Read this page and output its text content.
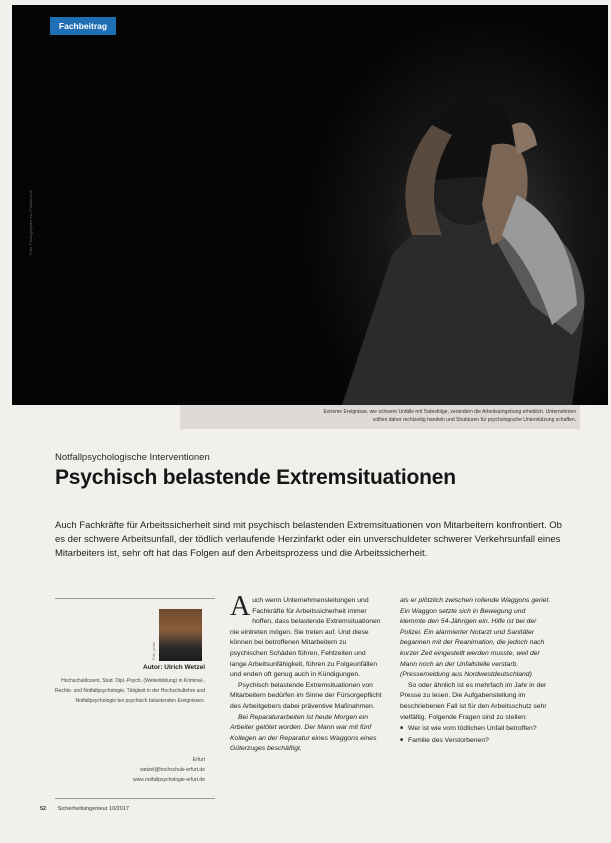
Fachbeitrag
Foto: Photographee.eu / Fotolia.com
Extreme Ereignisse, wie schwere Unfälle mit Todesfolge, verändern die Arbeitsumgebung erheblich. Unternehmen
sollten daher rechtzeitig handeln und Strukturen für psychologische Unterstützung schaffen.
Notfallpsychologische Interventionen
Psychisch belastende Extremsituationen
Auch Fachkräfte für Arbeitssicherheit sind mit psychisch belastenden Extremsituationen von Mitarbeitern konfrontiert. Ob es der schwere Arbeitsunfall, der tödlich verlaufende Herzinfarkt oder ein unverschuldeter schwerer Verkehrsunfall eines Mitarbeiters ist, sehr oft hat das Folgen auf den Arbeitsprozess und die Arbeitssicherheit.
Foto: privat
Autor: Ulrich Wetzel
Hochschuldozent, Stud. Dipl.-Psych. (Weiterbildung) in Kriminal-, Rechts- und Notfallpsychologie, Tätigkeit in der Hochschullehre und Notfallpsychologie bei psychisch belastenden Ereignissen.
Erfurt
wetzel@hochschule-erfurt.de
www.notfallpsychologie-erfurt.de

Auch wenn Unternehmensleitungen und Fachkräfte für Arbeitssicherheit immer hoffen, dass belastende Extremsituationen nie eintreten mögen. Sie treten auf. Und diese können bei betroffenen Mitarbeitern zu psychischen Schäden führen, Fehlzeiten und lange Arbeitsunfähigkeit, führen zu Folgeunfällen und enden oft genug auch in Kündigungen.

Psychisch belastende Extremsituationen von Mitarbeitern bedürfen im Sinne der Fürsorgepflicht des Arbeitgebers dabei präventive Maßnahmen.

Bei Reparaturarbeiten ist heute Morgen ein Arbeiter getötet worden. Der Mann war mit fünf Kollegen an der Reparatur eines Waggons eines Güterzuges beschäftigt,

als er plötzlich zwischen rollende Waggons geriet. Ein Waggon setzte sich in Bewegung und klemmte den 54-Jährigen ein. Hilfe ist bei der Polizei. Ein alarmierter Notarzt und Sanitäter begannen mit der Reanimation, die jedoch nach kurzer Zeit eingestellt werden musste, weil der Mann noch an der Unfallstelle verstarb. (Pressemeldung aus Nordwestdeutschland)

So oder ähnlich ist es mehrfach im Jahr in der Presse zu lesen. Die Aufgabenstellung im beschriebenen Fall ist für den Arbeitsschutz sehr vielfältig. Folgende Fragen sind zu stellen:

■ Wer ist wie vom tödlichen Unfall betroffen?
■ Familie des Verstorbenen?
52 Sicherheitsingenieur 10/2017
